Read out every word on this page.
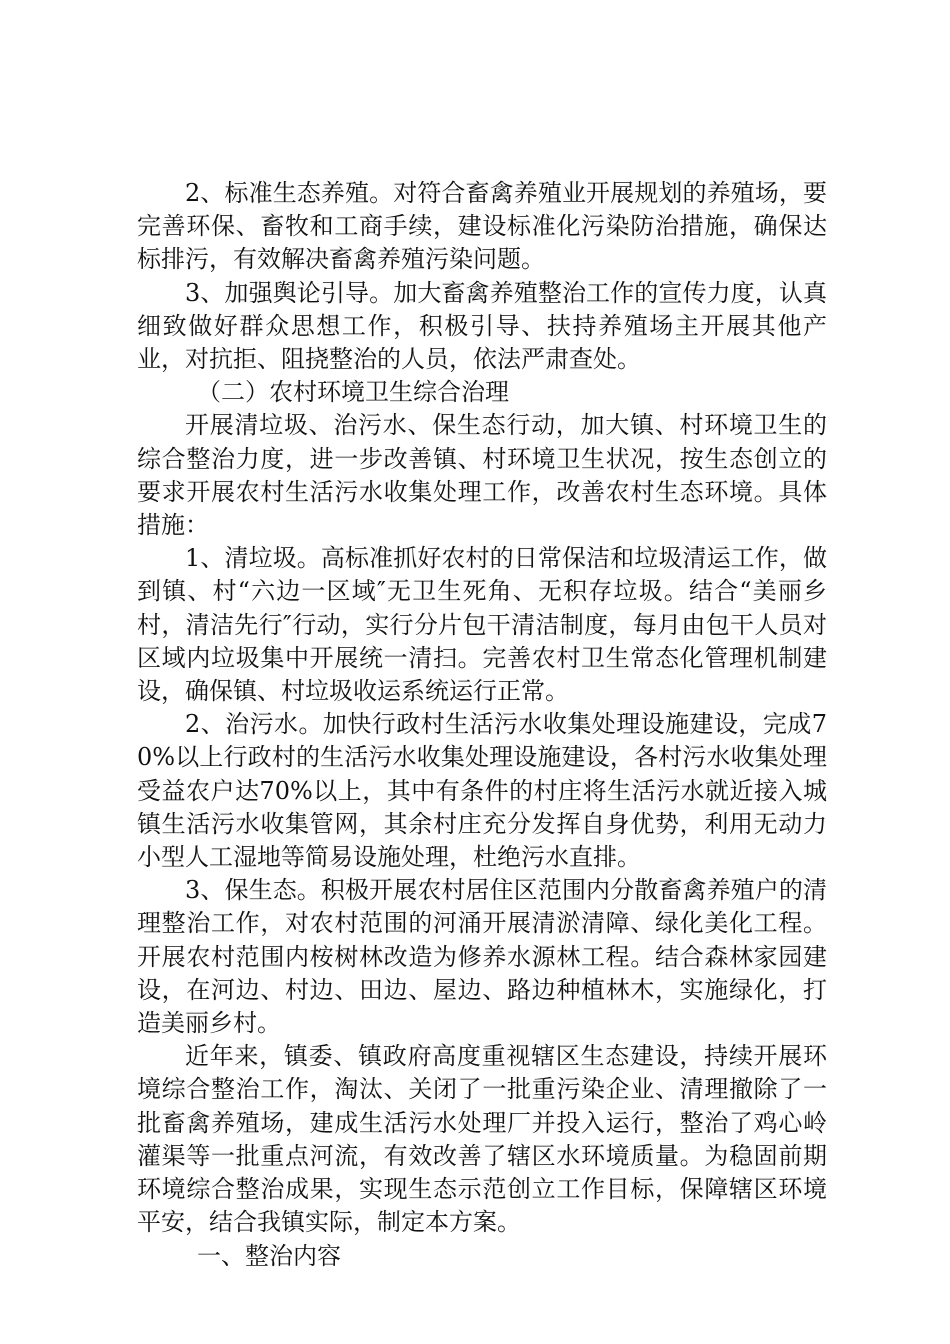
2、标准生态养殖。对符合畜禽养殖业开展规划的养殖场，要完善环保、畜牧和工商手续，建设标准化污染防治措施，确保达标排污，有效解决畜禽养殖污染问题。

3、加强舆论引导。加大畜禽养殖整治工作的宣传力度，认真细致做好群众思想工作，积极引导、扶持养殖场主开展其他产业，对抗拒、阻挠整治的人员，依法严肃查处。

（二）农村环境卫生综合治理

开展清垃圾、治污水、保生态行动，加大镇、村环境卫生的综合整治力度，进一步改善镇、村环境卫生状况，按生态创立的要求开展农村生活污水收集处理工作，改善农村生态环境。具体措施：

1、清垃圾。高标准抓好农村的日常保洁和垃圾清运工作，做到镇、村“六边一区域″无卫生死角、无积存垃圾。结合“美丽乡村，清洁先行″行动，实行分片包干清洁制度，每月由包干人员对区域内垃圾集中开展统一清扫。完善农村卫生常态化管理机制建设，确保镇、村垃圾收运系统运行正常。

2、治污水。加快行政村生活污水收集处理设施建设，完成70%以上行政村的生活污水收集处理设施建设，各村污水收集处理受益农户达70%以上，其中有条件的村庄将生活污水就近接入城镇生活污水收集管网，其余村庄充分发挥自身优势，利用无动力小型人工湿地等简易设施处理，杜绝污水直排。

3、保生态。积极开展农村居住区范围内分散畜禽养殖户的清理整治工作，对农村范围的河涌开展清淤清障、绿化美化工程。开展农村范围内桉树林改造为修养水源林工程。结合森林家园建设，在河边、村边、田边、屋边、路边种植林木，实施绿化，打造美丽乡村。

近年来，镇委、镇政府高度重视辖区生态建设，持续开展环境综合整治工作，淘汰、关闭了一批重污染企业、清理撤除了一批畜禽养殖场，建成生活污水处理厂并投入运行，整治了鸡心岭灌渠等一批重点河流，有效改善了辖区水环境质量。为稳固前期环境综合整治成果，实现生态示范创立工作目标，保障辖区环境平安，结合我镇实际，制定本方案。

一、整治内容
